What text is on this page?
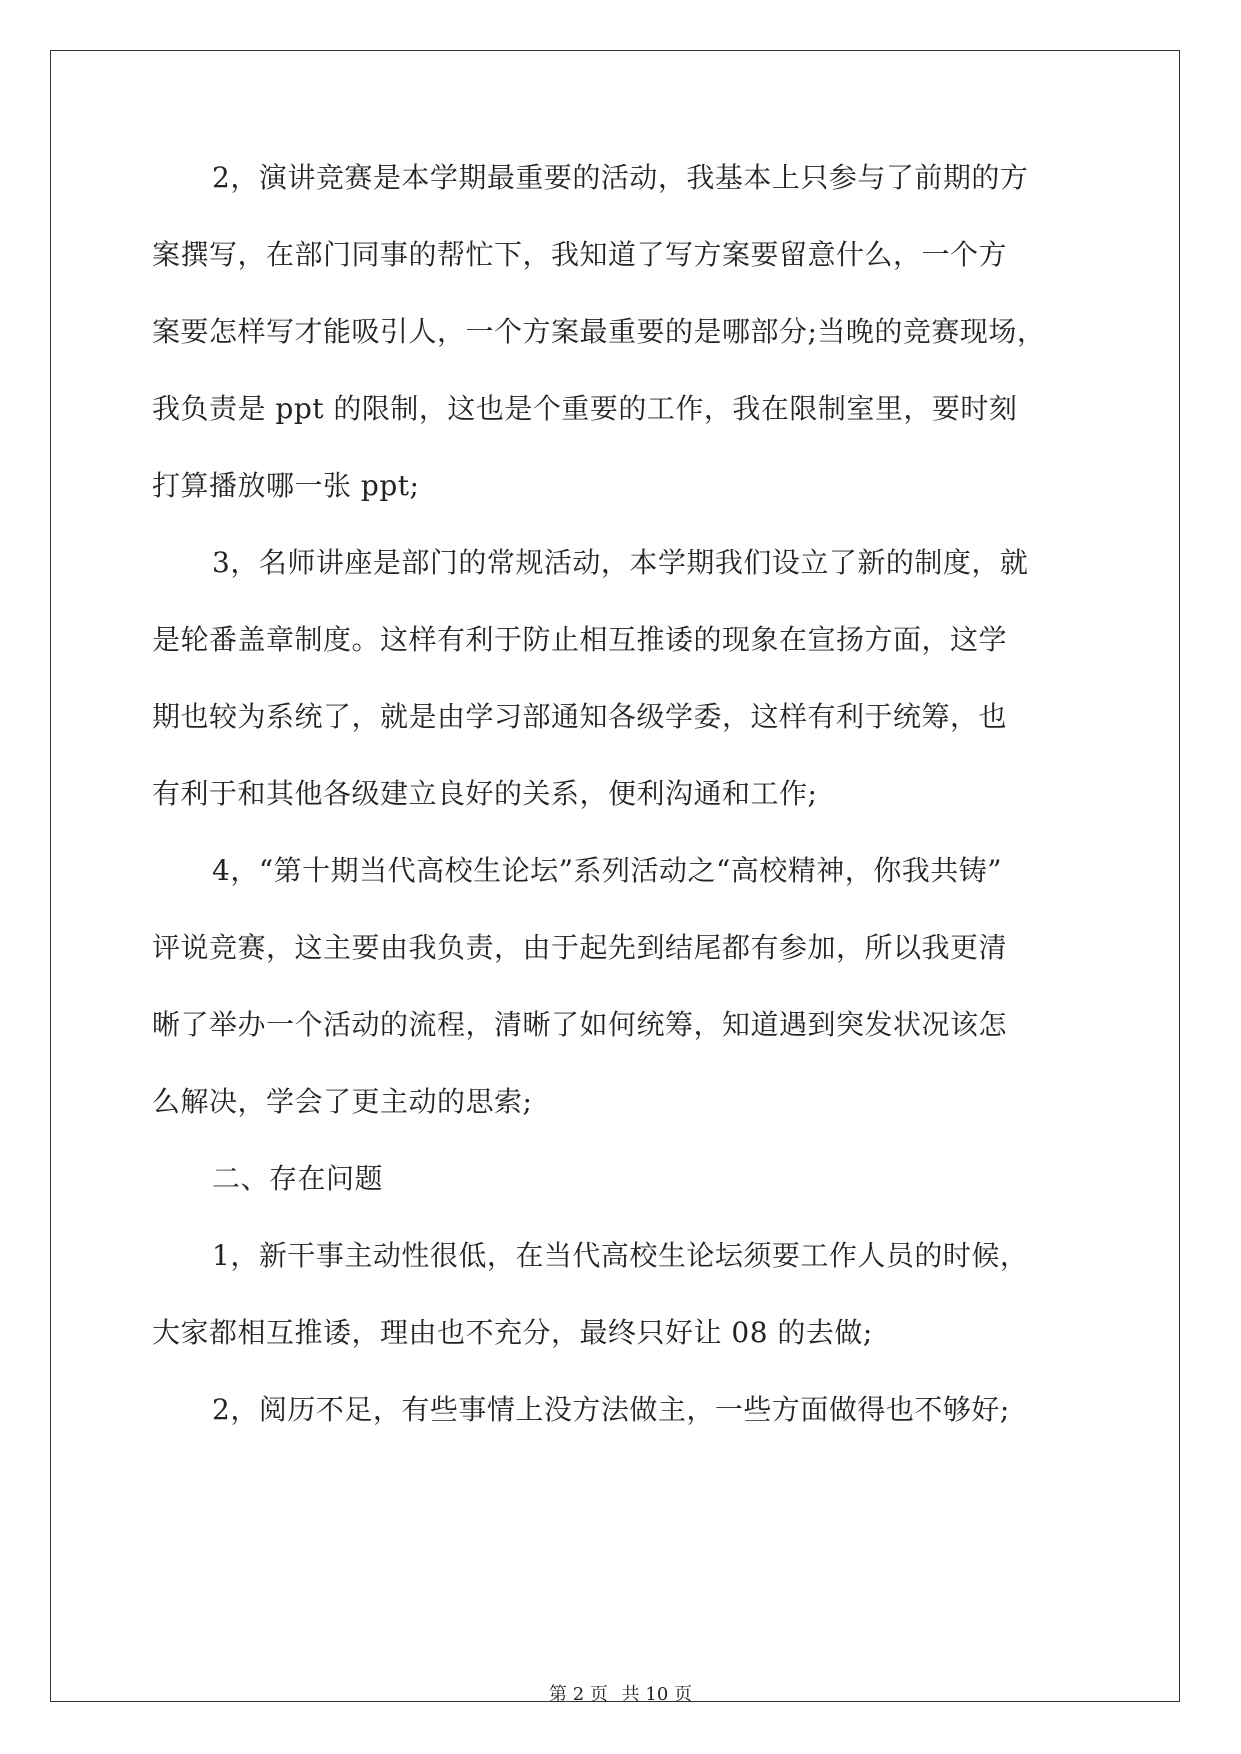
2，演讲竞赛是本学期最重要的活动，我基本上只参与了前期的方
案撰写，在部门同事的帮忙下，我知道了写方案要留意什么，一个方
案要怎样写才能吸引人，一个方案最重要的是哪部分;当晚的竞赛现场，
我负责是 ppt 的限制，这也是个重要的工作，我在限制室里，要时刻
打算播放哪一张 ppt;
3，名师讲座是部门的常规活动，本学期我们设立了新的制度，就
是轮番盖章制度。这样有利于防止相互推诿的现象在宣扬方面，这学
期也较为系统了，就是由学习部通知各级学委，这样有利于统筹，也
有利于和其他各级建立良好的关系，便利沟通和工作;
4，“第十期当代高校生论坛”系列活动之“高校精神，你我共铸”
评说竞赛，这主要由我负责，由于起先到结尾都有参加，所以我更清
晰了举办一个活动的流程，清晰了如何统筹，知道遇到突发状况该怎
么解决，学会了更主动的思索;
二、存在问题
1，新干事主动性很低，在当代高校生论坛须要工作人员的时候，
大家都相互推诿，理由也不充分，最终只好让 08 的去做;
2，阅历不足，有些事情上没方法做主，一些方面做得也不够好;
第 2 页 共 10 页
